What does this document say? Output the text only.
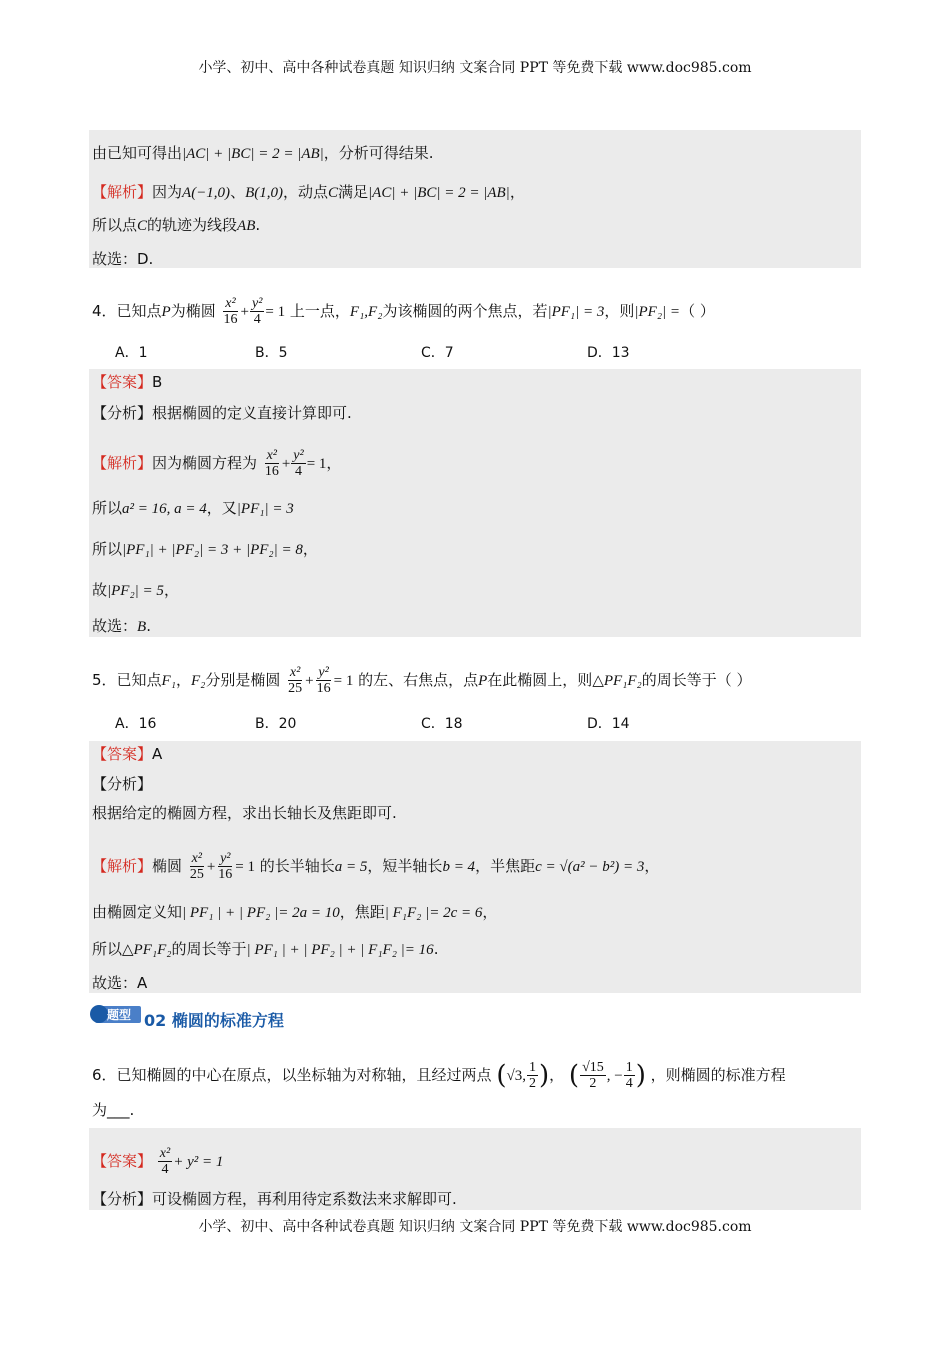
小学、初中、高中各种试卷真题 知识归纳 文案合同 PPT 等免费下载 www.doc985.com
小学、初中、高中各种试卷真题 知识归纳 文案合同 PPT 等免费下载 www.doc985.com
由已知可得出|AC| + |BC| = 2 = |AB|，分析可得结果.
【解析】因为A(−1,0)、B(1,0)，动点C满足|AC| + |BC| = 2 = |AB|，
所以点C的轨迹为线段AB.
故选：D.
4．已知点P为椭圆 $\frac{\text{x²}}{16} + \frac{\text{y²}}{4} = 1$ 上一点，F₁,F₂为该椭圆的两个焦点，若|PF₁| = 3，则|PF₂| =（ ）
A．1	B．5	C．7	D．13
【答案】B
【分析】根据椭圆的定义直接计算即可.
【解析】因为椭圆方程为 $\frac{\text{x²}}{16} + \frac{\text{y²}}{4} = 1$，
所以a² = 16, a = 4，又|PF₁| = 3
所以|PF₁| + |PF₂| = 3 + |PF₂| = 8，
故|PF₂| = 5，
故选：B.
5．已知点F₁，F₂分别是椭圆 $\frac{\text{x²}}{25} + \frac{\text{y²}}{16} = 1$ 的左、右焦点，点P在此椭圆上，则△PF₁F₂的周长等于（ ）
A．16	B．20	C．18	D．14
【答案】A
【分析】
根据给定的椭圆方程，求出长轴长及焦距即可.
【解析】椭圆 $\frac{\text{x²}}{25} + \frac{\text{y²}}{16} = 1$ 的长半轴长a = 5，短半轴长b = 4，半焦距c = √(a² − b²) = 3，
由椭圆定义知| PF₁ | + | PF₂ |= 2a = 10，焦距| F₁F₂ |= 2c = 6，
所以△PF₁F₂的周长等于| PF₁ | + | PF₂ | + | F₁F₂ |= 16.
故选：A
题型 02 椭圆的标准方程
6．已知椭圆的中心在原点，以坐标轴为对称轴，且经过两点 (√3, $\frac{1}{2}$ )， ( $\frac{√15}{2}$ , − $\frac{1}{4}$ ) ，则椭圆的标准方程
为___.
【答案】 $\frac{\text{x²}}{4} + y^2 = 1$
【分析】可设椭圆方程，再利用待定系数法来求解即可.
